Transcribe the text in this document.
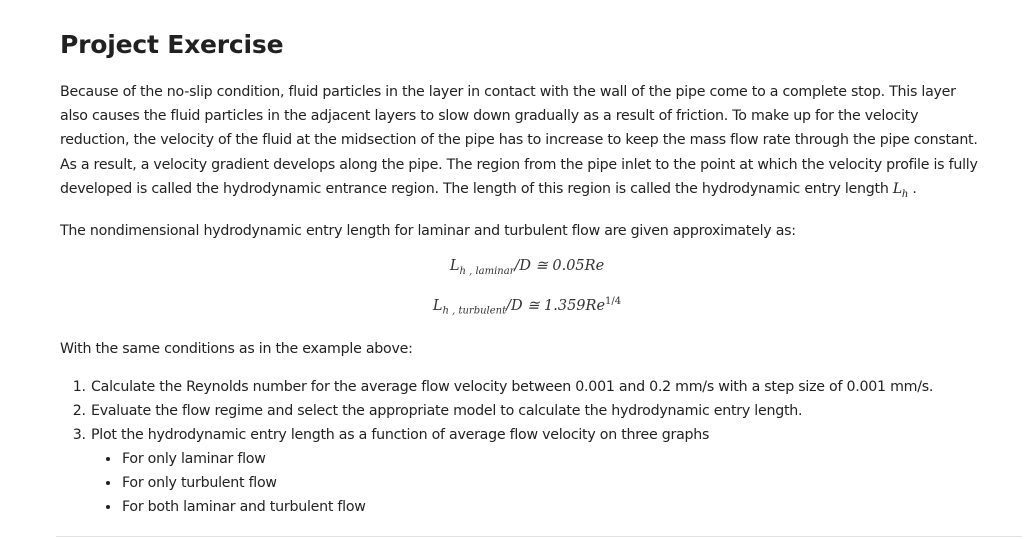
Project Exercise

Because of the no-slip condition, fluid particles in the layer in contact with the wall of the pipe come to a complete stop. This layer also causes the fluid particles in the adjacent layers to slow down gradually as a result of friction. To make up for the velocity reduction, the velocity of the fluid at the midsection of the pipe has to increase to keep the mass flow rate through the pipe constant. As a result, a velocity gradient develops along the pipe. The region from the pipe inlet to the point at which the velocity profile is fully developed is called the hydrodynamic entrance region. The length of this region is called the hydrodynamic entry length $L_h$ .

The nondimensional hydrodynamic entry length for laminar and turbulent flow are given approximately as:

$L_{h , laminar}/D$ ≅ 0.05Re
$L_{h , turbulent}/D$ ≅ $1.359Re^{1/4}$

With the same conditions as in the example above:

1. Calculate the Reynolds number for the average flow velocity between 0.001 and 0.2 mm/s with a step size of 0.001 mm/s.
2. Evaluate the flow regime and select the appropriate model to calculate the hydrodynamic entry length.
3. Plot the hydrodynamic entry length as a function of average flow velocity on three graphs
• For only laminar flow
• For only turbulent flow
• For both laminar and turbulent flow
